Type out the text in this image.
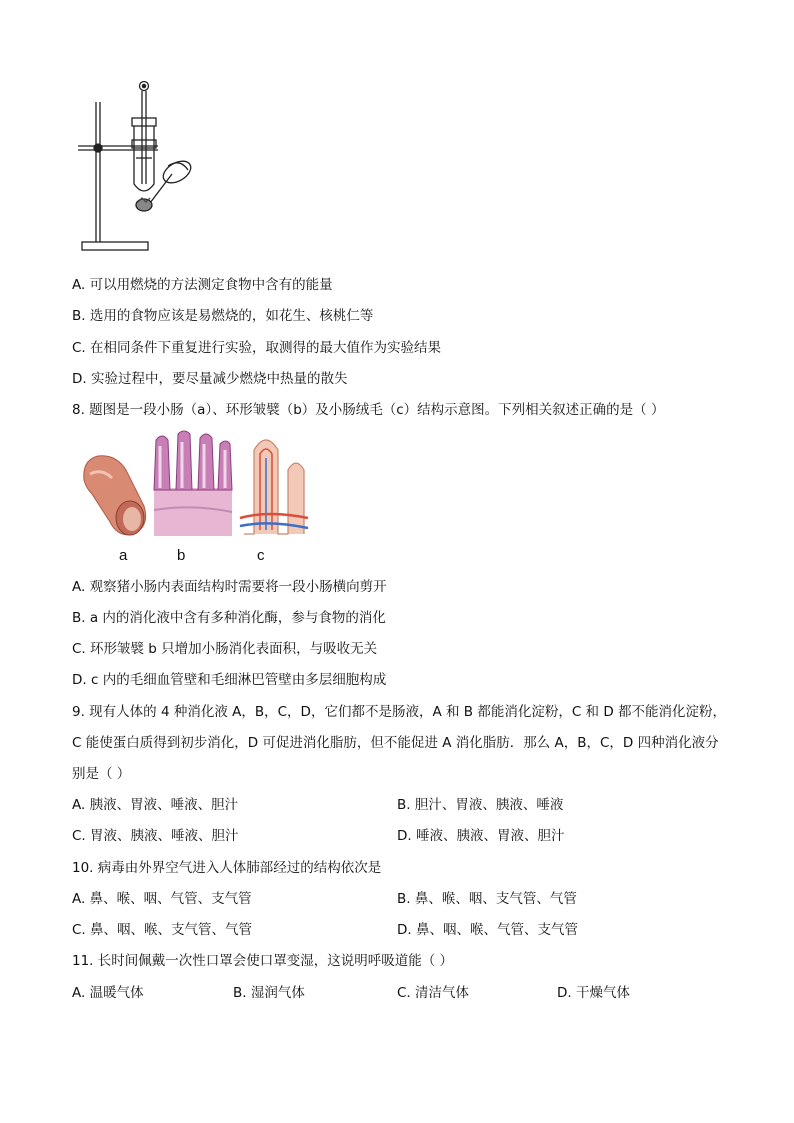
A. 可以用燃烧的方法测定食物中含有的能量
B. 选用的食物应该是易燃烧的，如花生、核桃仁等
C. 在相同条件下重复进行实验，取测得的最大值作为实验结果
D. 实验过程中，要尽量减少燃烧中热量的散失
8. 题图是一段小肠（a）、环形皱襞（b）及小肠绒毛（c）结构示意图。下列相关叙述正确的是（ ）
a	b	c
A. 观察猪小肠内表面结构时需要将一段小肠横向剪开
B. a 内的消化液中含有多种消化酶，参与食物的消化
C. 环形皱襞 b 只增加小肠消化表面积，与吸收无关
D. c 内的毛细血管壁和毛细淋巴管壁由多层细胞构成
9. 现有人体的 4 种消化液 A，B，C，D，它们都不是肠液，A 和 B 都能消化淀粉，C 和 D 都不能消化淀粉，
C 能使蛋白质得到初步消化，D 可促进消化脂肪，但不能促进 A 消化脂肪．那么 A，B，C，D 四种消化液分
别是（ ）
A. 胰液、胃液、唾液、胆汁	B. 胆汁、胃液、胰液、唾液
C. 胃液、胰液、唾液、胆汁	D. 唾液、胰液、胃液、胆汁
10. 病毒由外界空气进入人体肺部经过的结构依次是
A. 鼻、喉、咽、气管、支气管	B. 鼻、喉、咽、支气管、气管
C. 鼻、咽、喉、支气管、气管	D. 鼻、咽、喉、气管、支气管
11. 长时间佩戴一次性口罩会使口罩变湿，这说明呼吸道能（ ）
A. 温暖气体	B. 湿润气体	C. 清洁气体	D. 干燥气体
